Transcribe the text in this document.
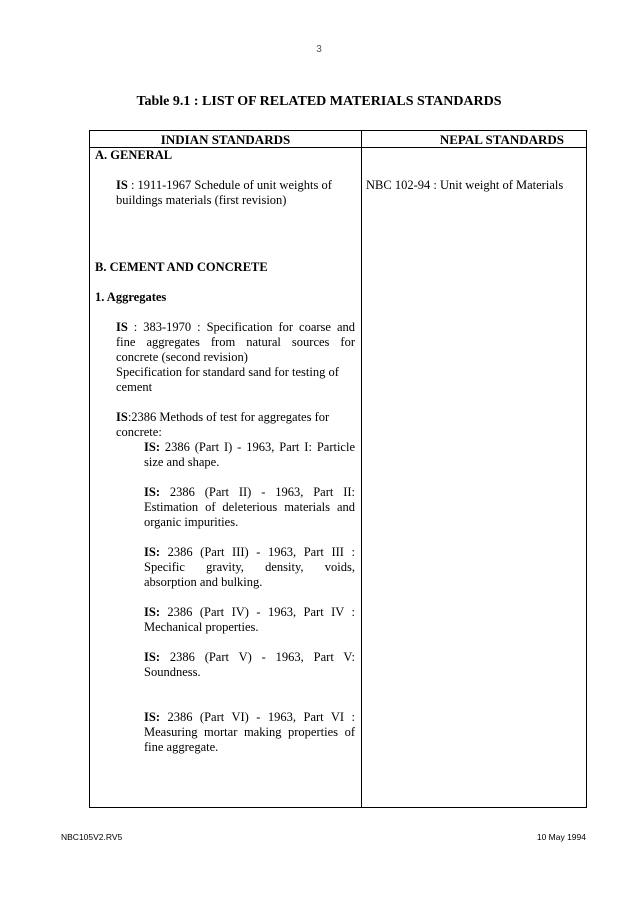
3
Table 9.1 : LIST OF RELATED MATERIALS STANDARDS
INDIAN STANDARDS	NEPAL STANDARDS

A. GENERAL

IS : 1911-1967 Schedule of unit weights of buildings materials (first revision)

B. CEMENT AND CONCRETE

1. Aggregates

IS : 383-1970 : Specification for coarse and fine aggregates from natural sources for concrete (second revision)

Specification for standard sand for testing of cement

IS:2386 Methods of test for aggregates for concrete:

IS: 2386 (Part I) - 1963, Part I: Particle size and shape.

IS: 2386 (Part II) - 1963, Part II: Estimation of deleterious materials and organic impurities.

IS: 2386 (Part III) - 1963, Part III : Specific gravity, density, voids, absorption and bulking.

IS: 2386 (Part IV) - 1963, Part IV : Mechanical properties.

IS: 2386 (Part V) - 1963, Part V: Soundness.

IS: 2386 (Part VI) - 1963, Part VI : Measuring mortar making properties of fine aggregate.

NBC 102-94 : Unit weight of Materials

NBC105V2.RV5	10 May 1994
